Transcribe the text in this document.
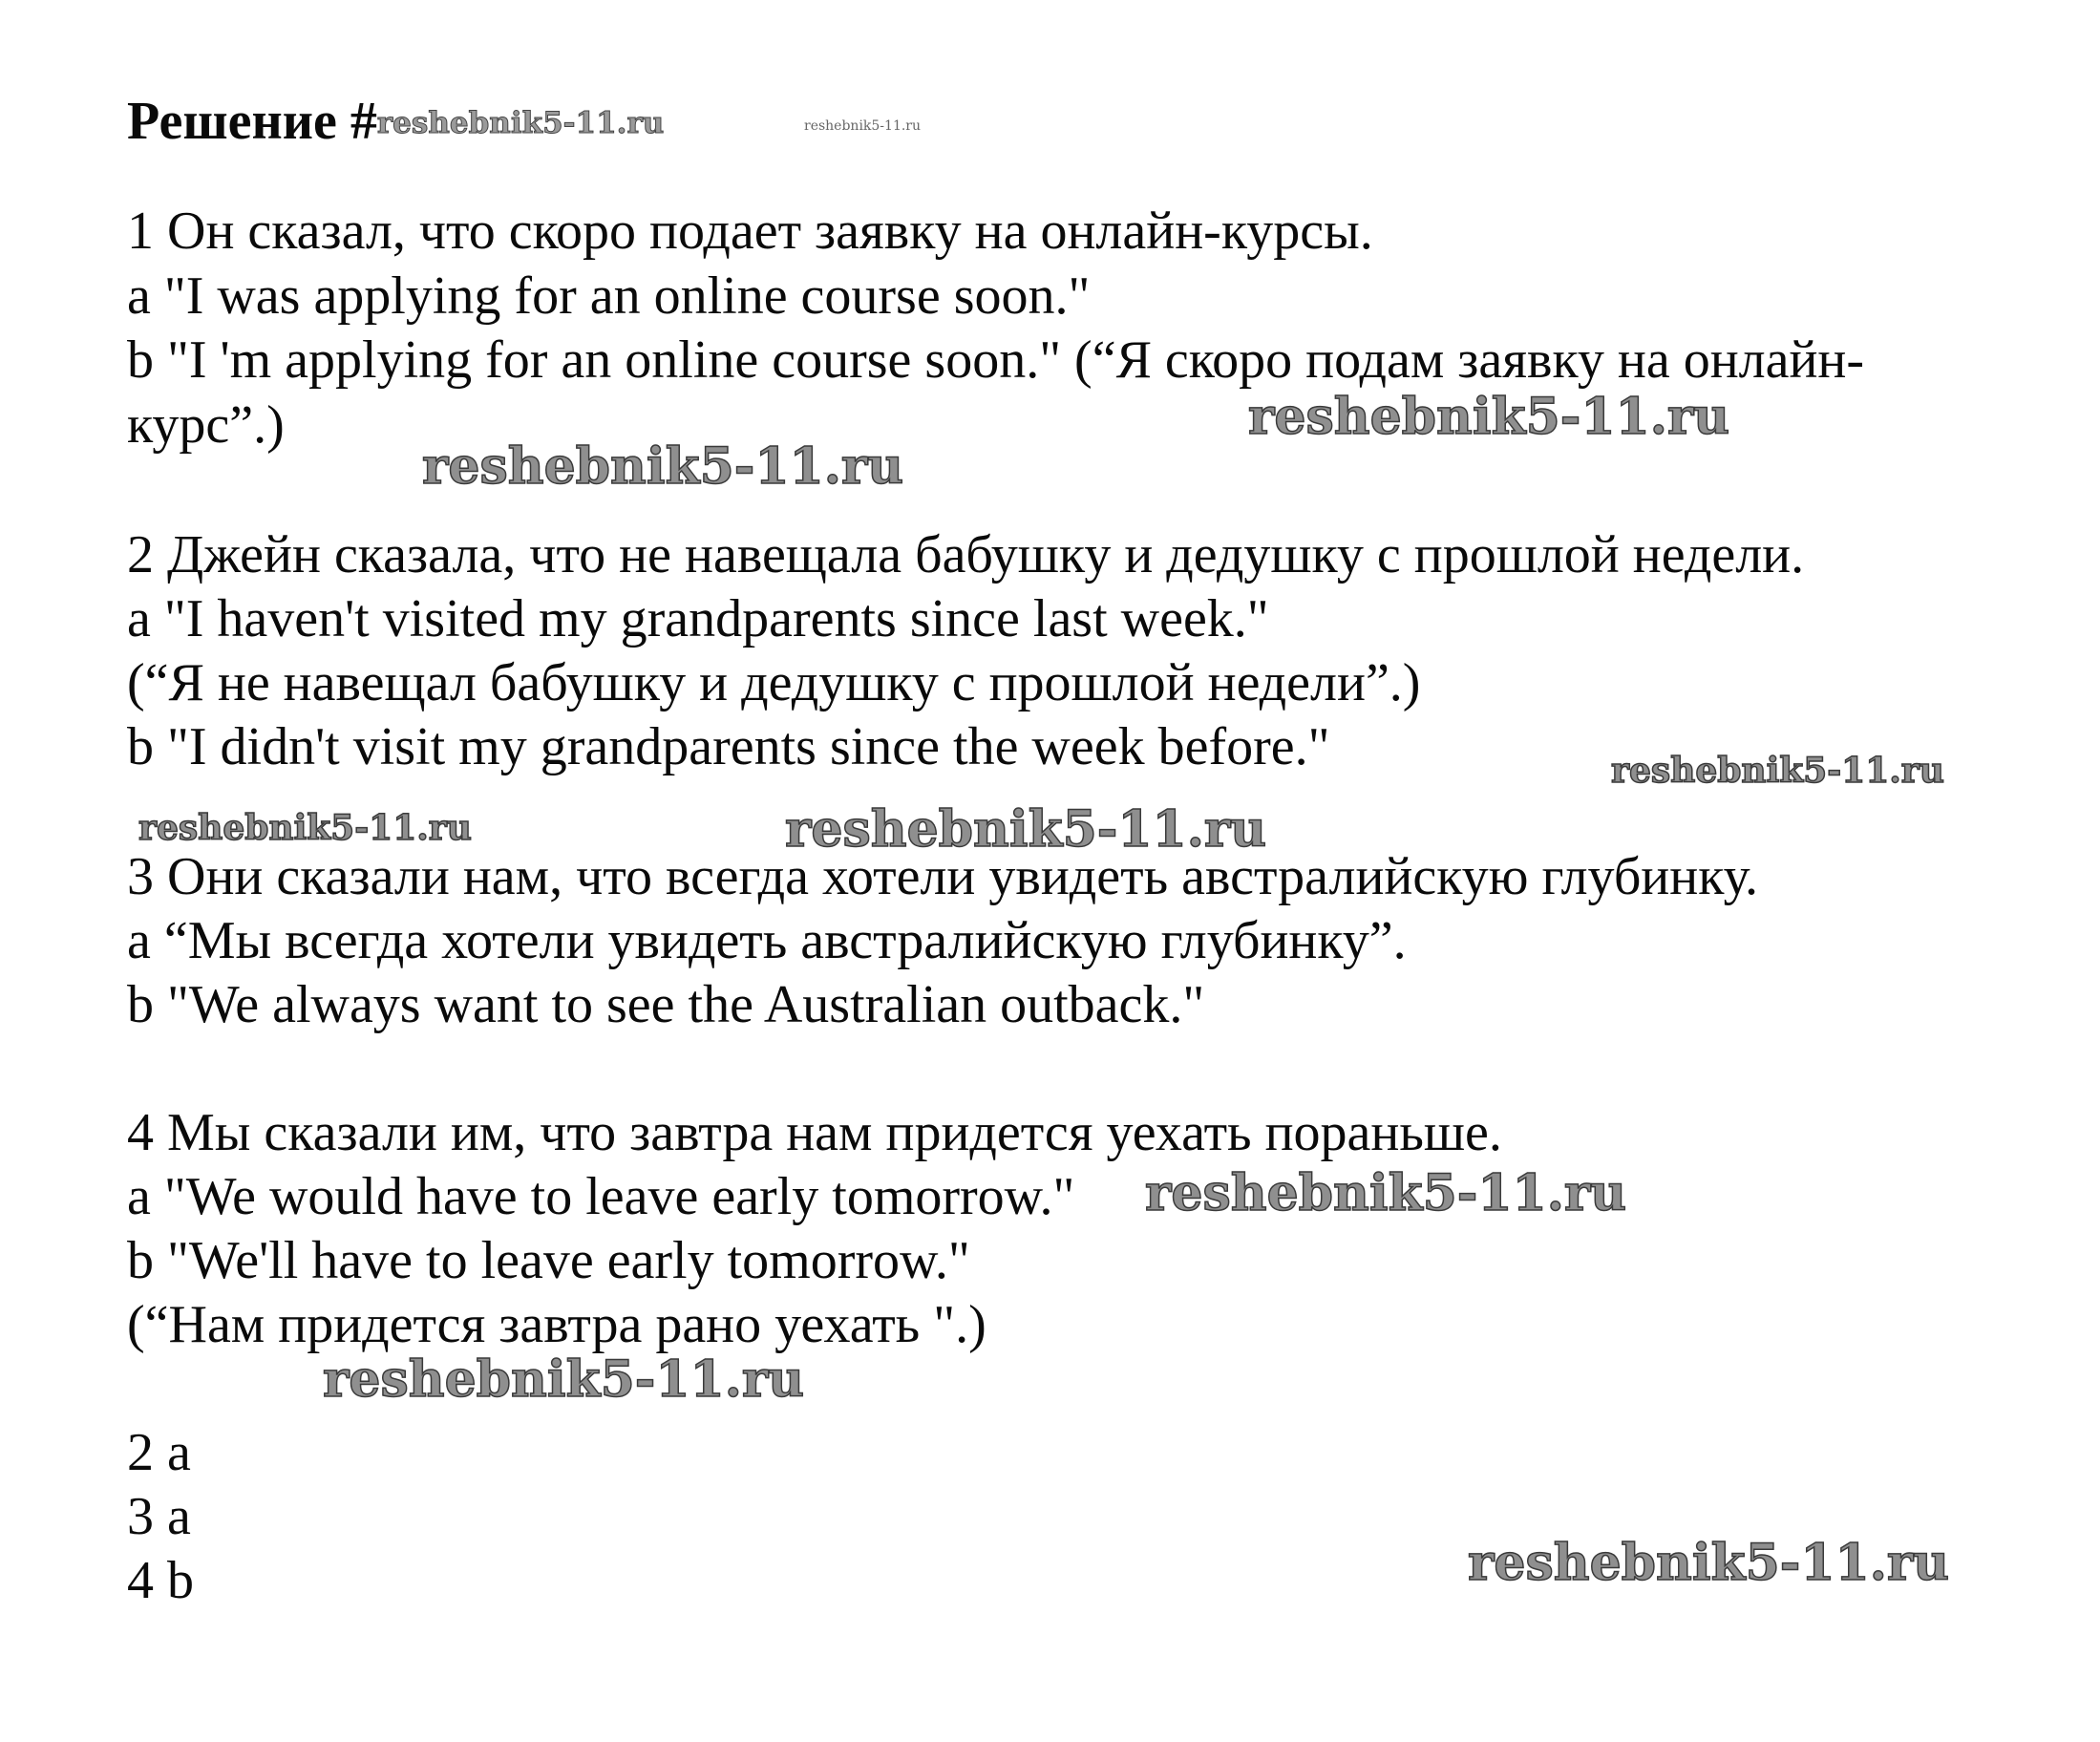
Решение #reshebnik5-11.ru	reshebnik5-11.ru
1 Он сказал, что скоро подает заявку на онлайн-курсы.
a "I was applying for an online course soon."
b "I 'm applying for an online course soon." (“Я скоро подам заявку на онлайн-
курс”.)	reshebnik5-11.ru
reshebnik5-11.ru
2 Джейн сказала, что не навещала бабушку и дедушку с прошлой недели.
a "I haven't visited my grandparents since last week."
(“Я не навещал бабушку и дедушку с прошлой недели”.)
b "I didn't visit my grandparents since the week before."	reshebnik5-11.ru
reshebnik5-11.ru	reshebnik5-11.ru
3 Они сказали нам, что всегда хотели увидеть австралийскую глубинку.
a “Мы всегда хотели увидеть австралийскую глубинку”.
b "We always want to see the Australian outback."
4 Мы сказали им, что завтра нам придется уехать пораньше.
a "We would have to leave early tomorrow." reshebnik5-11.ru
b "We'll have to leave early tomorrow."
(“Нам придется завтра рано уехать ".)
reshebnik5-11.ru
2 a
3 a
4 b	reshebnik5-11.ru
